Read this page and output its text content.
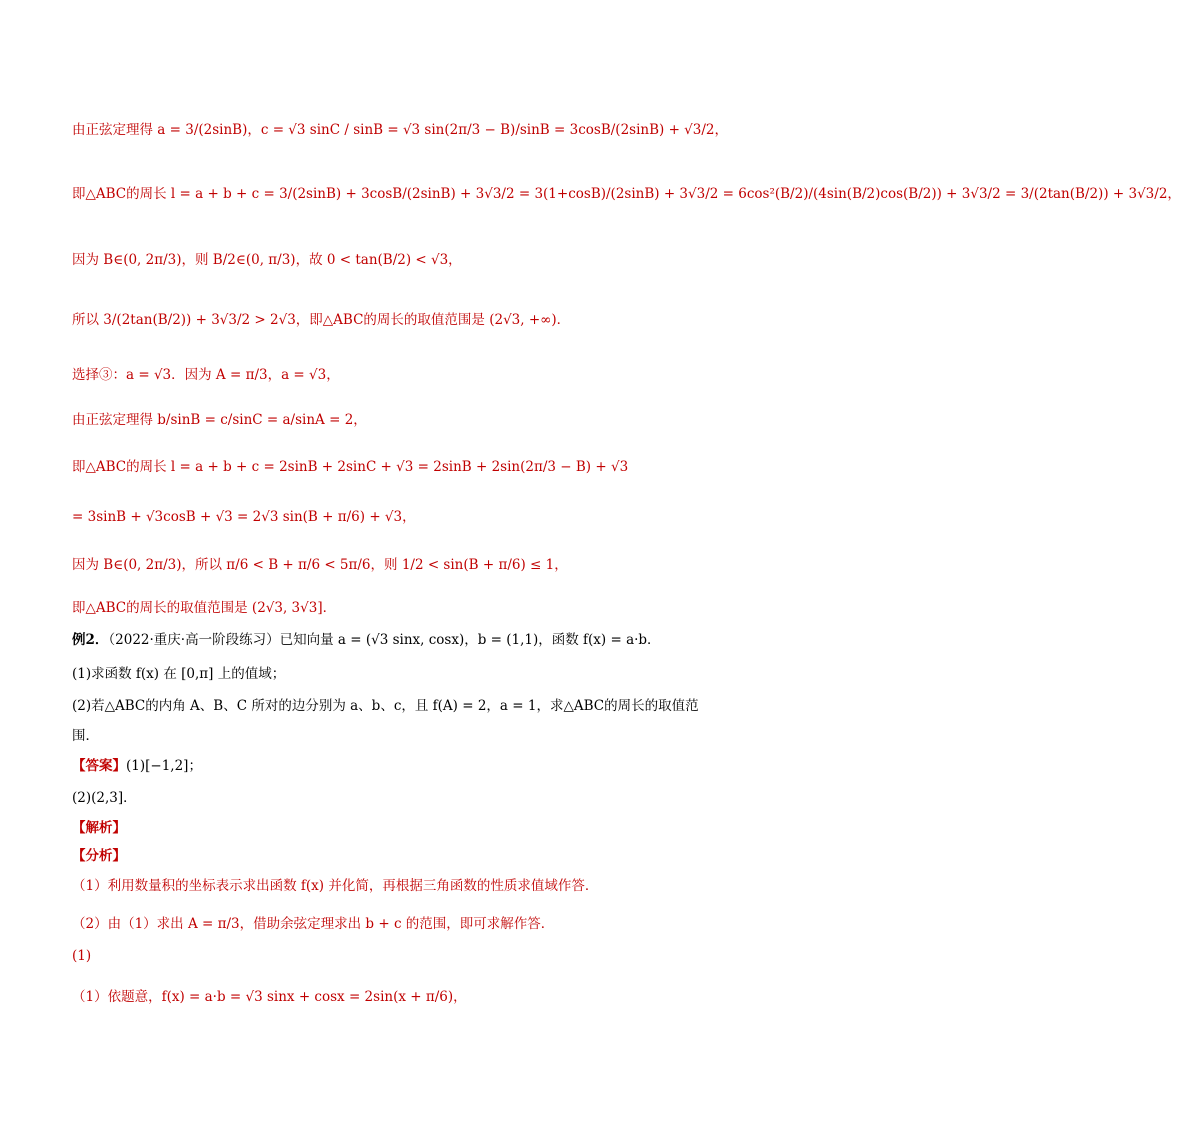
由正弦定理得 a = 3/(2sinB)，c = √3 sinC / sinB = √3 sin(2π/3 − B)/sinB = 3cosB/(2sinB) + √3/2，
即△ABC的周长 l = a + b + c = 3/(2sinB) + 3cosB/(2sinB) + 3√3/2 = 3(1+cosB)/(2sinB) + 3√3/2 = 6cos²(B/2)/(4sin(B/2)cos(B/2)) + 3√3/2 = 3/(2tan(B/2)) + 3√3/2，
因为 B∈(0, 2π/3)，则 B/2∈(0, π/3)，故 0 < tan(B/2) < √3，
所以 3/(2tan(B/2)) + 3√3/2 > 2√3，即△ABC的周长的取值范围是 (2√3, +∞)．
选择③：a = √3．因为 A = π/3，a = √3，
由正弦定理得 b/sinB = c/sinC = a/sinA = 2，
即△ABC的周长 l = a + b + c = 2sinB + 2sinC + √3 = 2sinB + 2sin(2π/3 − B) + √3
= 3sinB + √3cosB + √3 = 2√3 sin(B + π/6) + √3，
因为 B∈(0, 2π/3)，所以 π/6 < B + π/6 < 5π/6，则 1/2 < sin(B + π/6) ≤ 1，
即△ABC的周长的取值范围是 (2√3, 3√3]．
例2．（2022·重庆·高一阶段练习）已知向量 a = (√3 sinx, cosx)，b = (1,1)，函数 f(x) = a·b．
(1)求函数 f(x) 在 [0,π] 上的值域；
(2)若△ABC的内角 A、B、C 所对的边分别为 a、b、c，且 f(A) = 2，a = 1，求△ABC的周长的取值范
围．
【答案】(1)[−1,2]；
(2)(2,3]．
【解析】
【分析】
（1）利用数量积的坐标表示求出函数 f(x) 并化简，再根据三角函数的性质求值域作答．
（2）由（1）求出 A = π/3，借助余弦定理求出 b + c 的范围，即可求解作答．
(1)
（1）依题意，f(x) = a·b = √3 sinx + cosx = 2sin(x + π/6)，
